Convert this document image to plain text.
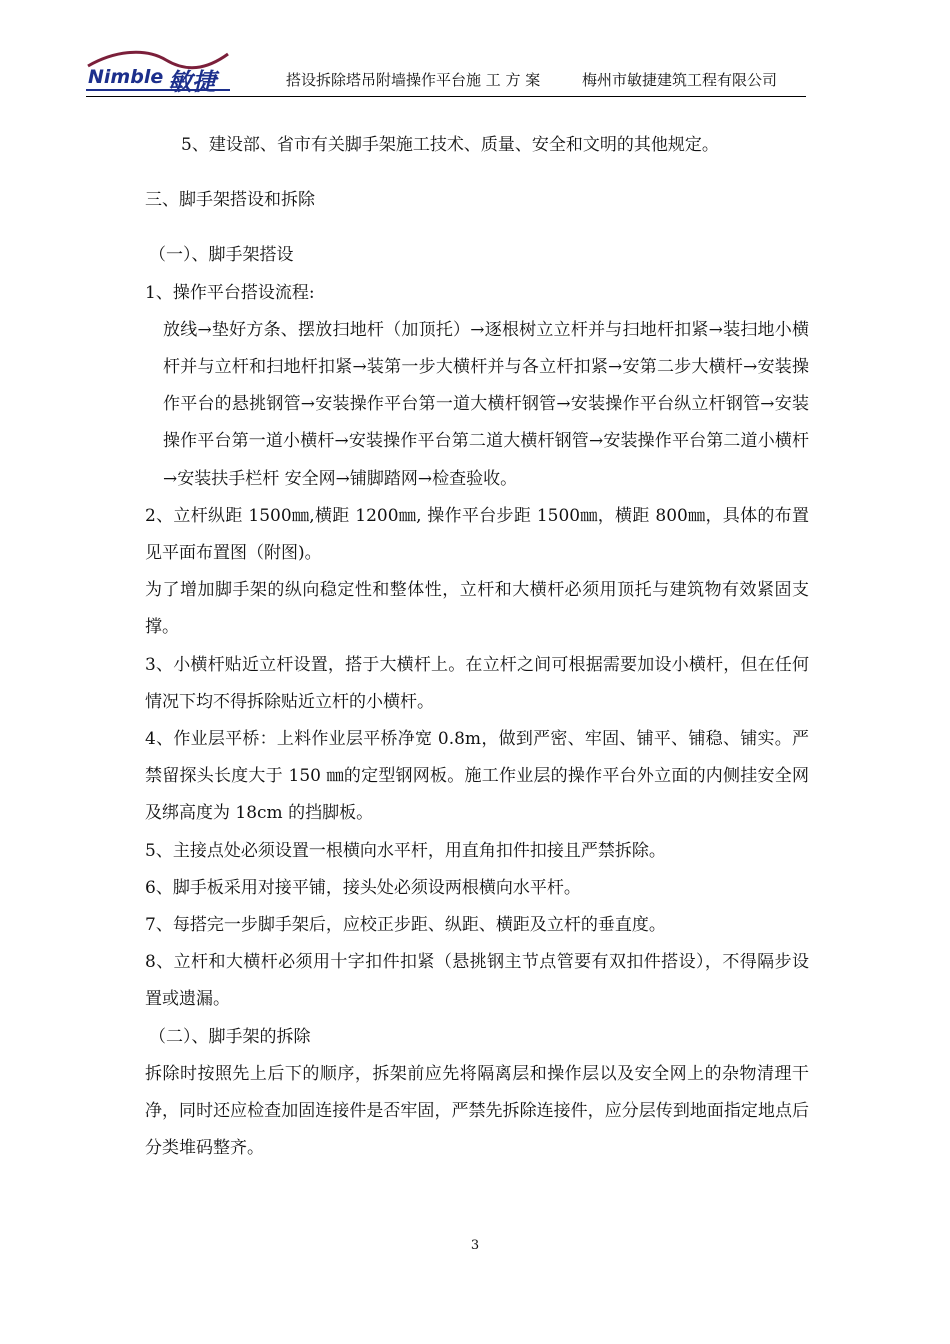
Nimble 敏捷	搭设拆除塔吊附墙操作平台施 工 方 案	梅州市敏捷建筑工程有限公司

5、建设部、省市有关脚手架施工技术、质量、安全和文明的其他规定。

三、脚手架搭设和拆除

（一）、脚手架搭设

1、操作平台搭设流程:

放线→垫好方条、摆放扫地杆（加顶托）→逐根树立立杆并与扫地杆扣紧→装扫地小横杆并与立杆和扫地杆扣紧→装第一步大横杆并与各立杆扣紧→安第二步大横杆→安装操作平台的悬挑钢管→安装操作平台第一道大横杆钢管→安装操作平台纵立杆钢管→安装操作平台第一道小横杆→安装操作平台第二道大横杆钢管→安装操作平台第二道小横杆→安装扶手栏杆 安全网→铺脚踏网→检查验收。

2、立杆纵距 1500㎜,横距 1200㎜, 操作平台步距 1500㎜，横距 800㎜，具体的布置见平面布置图（附图)。

为了增加脚手架的纵向稳定性和整体性，立杆和大横杆必须用顶托与建筑物有效紧固支撑。

3、小横杆贴近立杆设置，搭于大横杆上。在立杆之间可根据需要加设小横杆，但在任何情况下均不得拆除贴近立杆的小横杆。

4、作业层平桥：上料作业层平桥净宽 0.8m，做到严密、牢固、铺平、铺稳、铺实。严禁留探头长度大于 150 ㎜的定型钢网板。施工作业层的操作平台外立面的内侧挂安全网及绑高度为 18cm 的挡脚板。

5、主接点处必须设置一根横向水平杆，用直角扣件扣接且严禁拆除。

6、脚手板采用对接平铺，接头处必须设两根横向水平杆。

7、每搭完一步脚手架后，应校正步距、纵距、横距及立杆的垂直度。

8、立杆和大横杆必须用十字扣件扣紧（悬挑钢主节点管要有双扣件搭设），不得隔步设置或遗漏。

（二）、脚手架的拆除

拆除时按照先上后下的顺序，拆架前应先将隔离层和操作层以及安全网上的杂物清理干净，同时还应检查加固连接件是否牢固，严禁先拆除连接件，应分层传到地面指定地点后分类堆码整齐。

3
